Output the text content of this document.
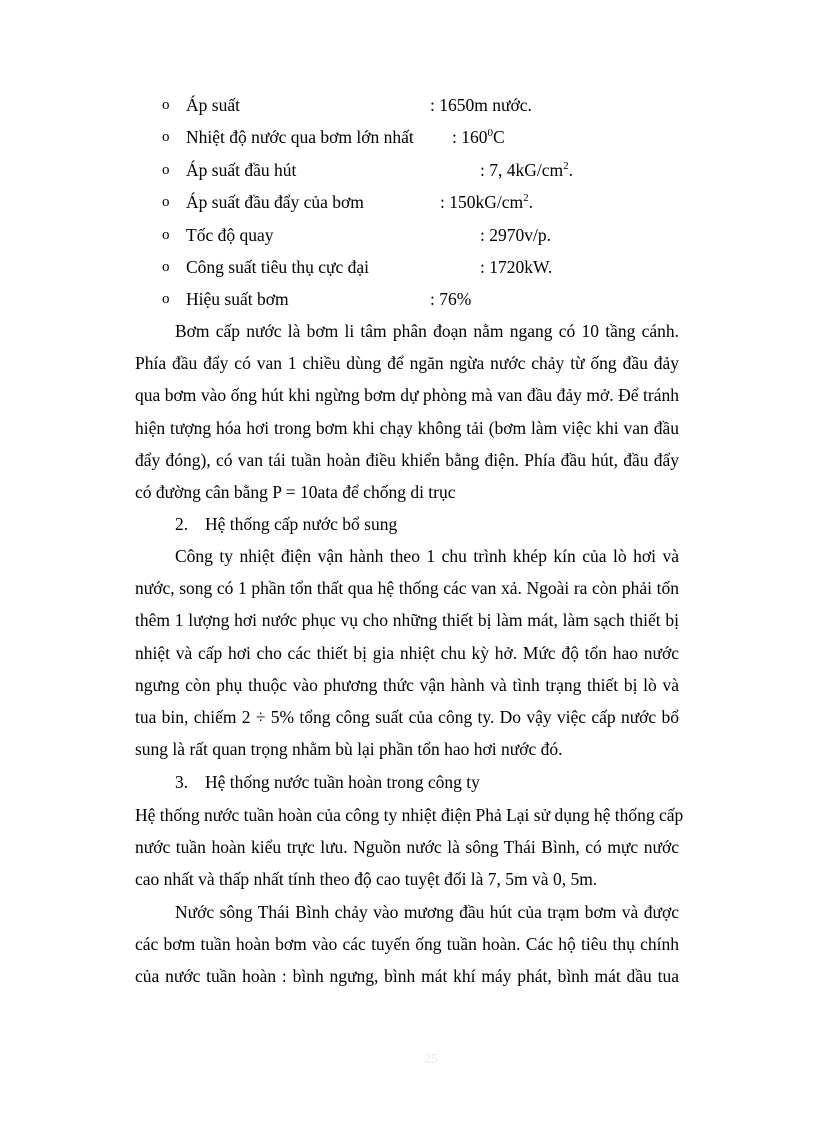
o Áp suất	: 1650m nước.
o Nhiệt độ nước qua bơm lớn nhất : $160^0C$
o Áp suất đầu hút	: 7, $4kG/cm^2$.
o Áp suất đầu đẩy của bơm	: $150kG/cm^2$.
o Tốc độ quay	: 2970v/p.
o Công suất tiêu thụ cực đại	: 1720kW.
o Hiệu suất bơm	: 76%
Bơm cấp nước là bơm li tâm phân đoạn nằm ngang có 10 tầng cánh.
Phía đầu đẩy có van 1 chiều dùng để ngăn ngừa nước chảy từ ống đầu đảy
qua bơm vào ống hút khi ngừng bơm dự phòng mà van đầu đảy mở. Để tránh
hiện tượng hóa hơi trong bơm khi chạy không tải (bơm làm việc khi van đầu
đẩy đóng), có van tái tuần hoàn điều khiển bằng điện. Phía đầu hút, đầu đẩy
có đường cân bằng P = 10ata để chống di trục
2. Hệ thống cấp nước bổ sung
Công ty nhiệt điện vận hành theo 1 chu trình khép kín của lò hơi và
nước, song có 1 phần tổn thất qua hệ thống các van xả. Ngoài ra còn phải tốn
thêm 1 lượng hơi nước phục vụ cho những thiết bị làm mát, làm sạch thiết bị
nhiệt và cấp hơi cho các thiết bị gia nhiệt chu kỳ hở. Mức độ tổn hao nước
ngưng còn phụ thuộc vào phương thức vận hành và tình trạng thiết bị lò và
tua bin, chiếm 2 ÷ 5% tổng công suất của công ty. Do vậy việc cấp nước bổ
sung là rất quan trọng nhằm bù lại phần tổn hao hơi nước đó.
3. Hệ thống nước tuần hoàn trong công ty
Hệ thống nước tuần hoàn của công ty nhiệt điện Phả Lại sử dụng hệ thống cấp
nước tuần hoàn kiểu trực lưu. Nguồn nước là sông Thái Bình, có mực nước
cao nhất và thấp nhất tính theo độ cao tuyệt đối là 7, 5m và 0, 5m.
Nước sông Thái Bình chảy vào mương đầu hút của trạm bơm và được
các bơm tuần hoàn bơm vào các tuyến ống tuần hoàn. Các hộ tiêu thụ chính
của nước tuần hoàn : bình ngưng, bình mát khí máy phát, bình mát dầu tua
25
